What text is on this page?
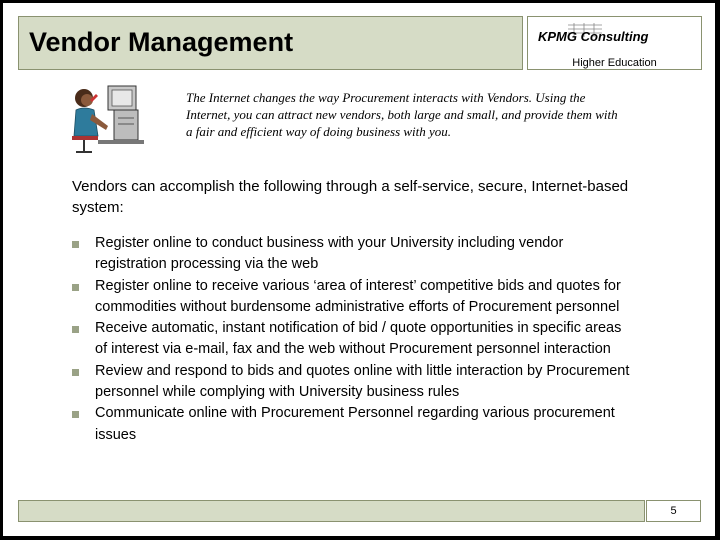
Vendor Management	KPMG Consulting
Higher Education
The Internet changes the way Procurement interacts with Vendors. Using the Internet, you can attract new vendors, both large and small, and provide them with a fair and efficient way of doing business with you.
Vendors can accomplish the following through a self-service, secure, Internet-based system:
Register online to conduct business with your University including vendor registration processing via the web
Register online to receive various ‘area of interest’ competitive bids and quotes for commodities without burdensome administrative efforts of Procurement personnel
Receive automatic, instant notification of bid / quote opportunities in specific areas of interest via e-mail, fax and the web without Procurement personnel interaction
Review and respond to bids and quotes online with little interaction by Procurement personnel while complying with University business rules
Communicate online with Procurement Personnel regarding various procurement issues
5
